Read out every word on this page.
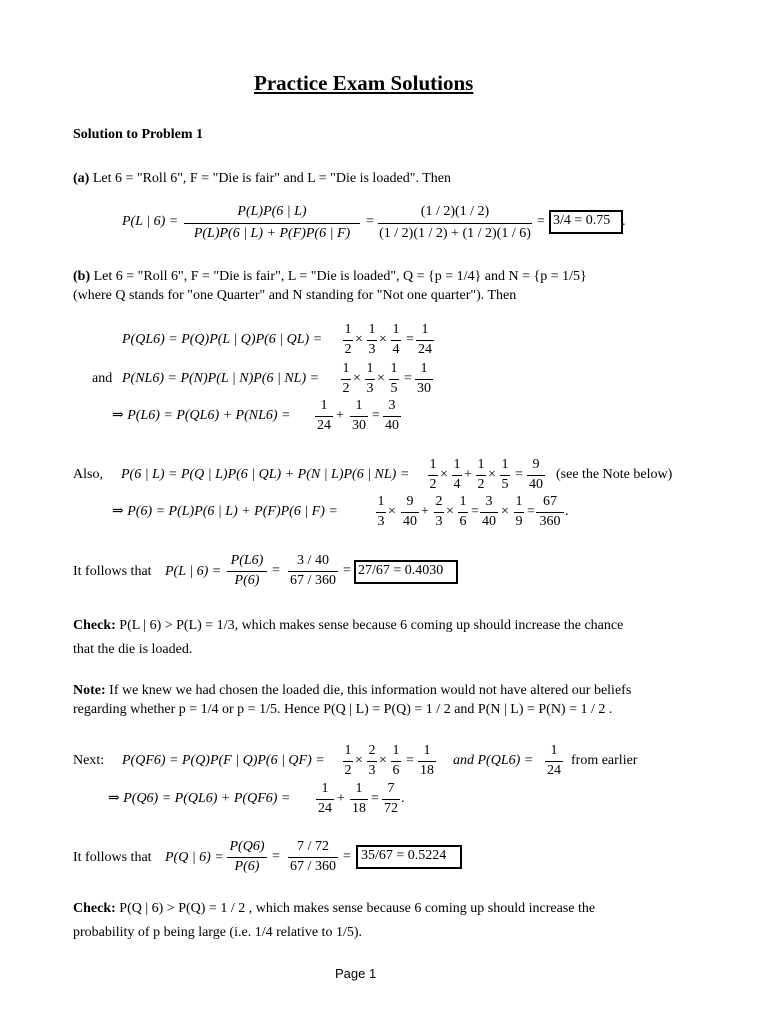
Practice Exam Solutions
Solution to Problem 1
(a) Let 6 = "Roll 6", F = "Die is fair" and L = "Die is loaded". Then
P(L | 6) =
P(L)P(6 | L)
P(L)P(6 | L) + P(F)P(6 | F)
=
(1 / 2)(1 / 2)
(1 / 2)(1 / 2) + (1 / 2)(1 / 6)
= 3/4 = 0.75 .
(b) Let 6 = "Roll 6", F = "Die is fair", L = "Die is loaded", Q = {p = 1/4} and N = {p = 1/5}
(where Q stands for "one Quarter" and N standing for "Not one quarter"). Then
P(QL6) = P(Q)P(L | Q)P(6 | QL) =
1
2
×
1
3
×
1
4
=
1
24
and P(NL6) = P(N)P(L | N)P(6 | NL) =
1
2
×
1
3
×
1
5
=
1
30
⇒ P(L6) = P(QL6) + P(NL6) =
1
24
+
1
30
=
3
40
Also, P(6 | L) = P(Q | L)P(6 | QL) + P(N | L)P(6 | NL) =
1
2
×
1
4
+
1
2
×
1
5
=
9
40
(see the Note below)
⇒ P(6) = P(L)P(6 | L) + P(F)P(6 | F) =
1
3
×
9
40
+
2
3
×
1
6
=
3
40
×
1
9
=
67
360
.
It follows that P(L | 6) =
P(L6)
P(6)
=
3 / 40
67 / 360
= 27/67 = 0.4030
Check: P(L | 6) > P(L) = 1/3, which makes sense because 6 coming up should increase the chance
that the die is loaded.
Note: If we knew we had chosen the loaded die, this information would not have altered our beliefs
regarding whether p = 1/4 or p = 1/5. Hence P(Q | L) = P(Q) = 1 / 2 and P(N | L) = P(N) = 1 / 2 .
Next: P(QF6) = P(Q)P(F | Q)P(6 | QF) =
1
2
×
2
3
×
1
6
=
1
18
and P(QL6) =
1
24
from earlier
⇒ P(Q6) = P(QL6) + P(QF6) =
1
24
+
1
18
=
7
72
.
It follows that P(Q | 6) =
P(Q6)
P(6)
=
7 / 72
67 / 360
= 35/67 = 0.5224
Check: P(Q | 6) > P(Q) = 1 / 2 , which makes sense because 6 coming up should increase the
probability of p being large (i.e. 1/4 relative to 1/5).
Page 1
